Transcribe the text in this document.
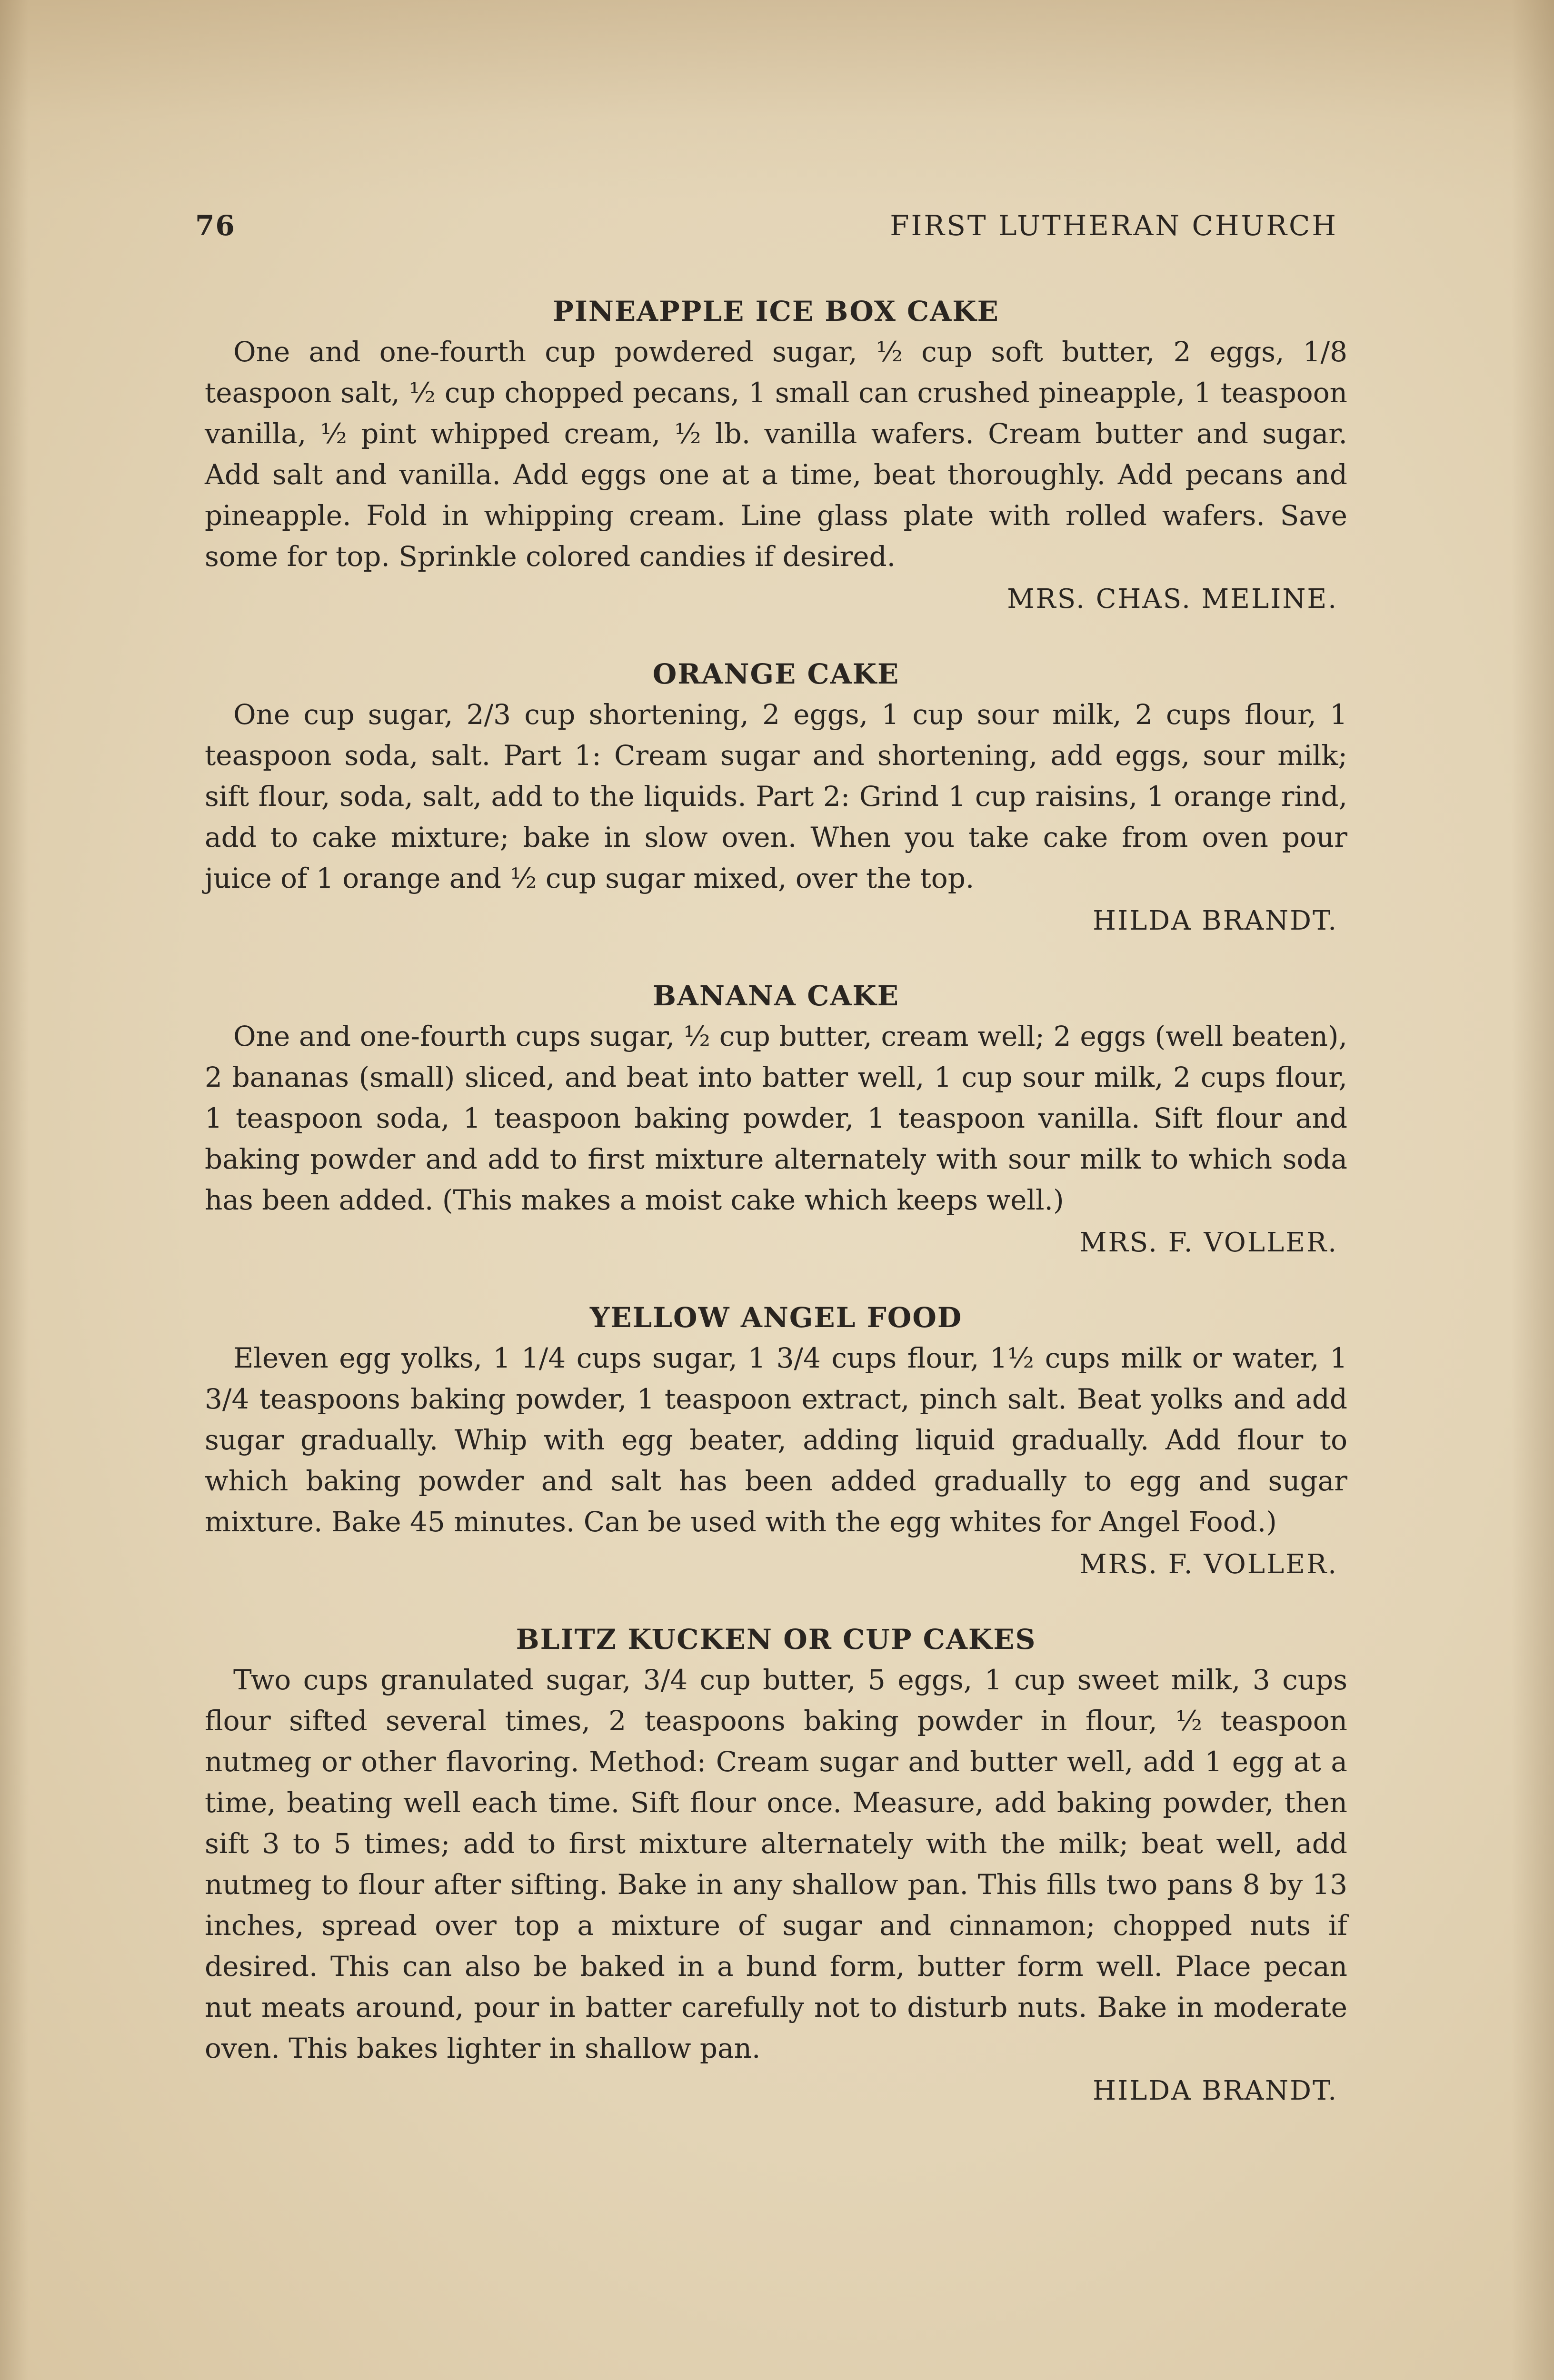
76	FIRST LUTHERAN CHURCH

PINEAPPLE ICE BOX CAKE

One and one-fourth cup powdered sugar, ½ cup soft butter, 2 eggs, 1/8 teaspoon salt, ½ cup chopped pecans, 1 small can crushed pineapple, 1 teaspoon vanilla, ½ pint whipped cream, ½ lb. vanilla wafers. Cream butter and sugar. Add salt and vanilla. Add eggs one at a time, beat thoroughly. Add pecans and pineapple. Fold in whipping cream. Line glass plate with rolled wafers. Save some for top. Sprinkle colored candies if desired.

MRS. CHAS. MELINE.

ORANGE CAKE

One cup sugar, 2/3 cup shortening, 2 eggs, 1 cup sour milk, 2 cups flour, 1 teaspoon soda, salt. Part 1: Cream sugar and shortening, add eggs, sour milk; sift flour, soda, salt, add to the liquids. Part 2: Grind 1 cup raisins, 1 orange rind, add to cake mixture; bake in slow oven. When you take cake from oven pour juice of 1 orange and ½ cup sugar mixed, over the top.

HILDA BRANDT.

BANANA CAKE

One and one-fourth cups sugar, ½ cup butter, cream well; 2 eggs (well beaten), 2 bananas (small) sliced, and beat into batter well, 1 cup sour milk, 2 cups flour, 1 teaspoon soda, 1 teaspoon baking powder, 1 teaspoon vanilla. Sift flour and baking powder and add to first mixture alternately with sour milk to which soda has been added. (This makes a moist cake which keeps well.)

MRS. F. VOLLER.

YELLOW ANGEL FOOD

Eleven egg yolks, 1 1/4 cups sugar, 1 3/4 cups flour, 1½ cups milk or water, 1 3/4 teaspoons baking powder, 1 teaspoon extract, pinch salt. Beat yolks and add sugar gradually. Whip with egg beater, adding liquid gradually. Add flour to which baking powder and salt has been added gradually to egg and sugar mixture. Bake 45 minutes. Can be used with the egg whites for Angel Food.)

MRS. F. VOLLER.

BLITZ KUCKEN OR CUP CAKES

Two cups granulated sugar, 3/4 cup butter, 5 eggs, 1 cup sweet milk, 3 cups flour sifted several times, 2 teaspoons baking powder in flour, ½ teaspoon nutmeg or other flavoring. Method: Cream sugar and butter well, add 1 egg at a time, beating well each time. Sift flour once. Measure, add baking powder, then sift 3 to 5 times; add to first mixture alternately with the milk; beat well, add nutmeg to flour after sifting. Bake in any shallow pan. This fills two pans 8 by 13 inches, spread over top a mixture of sugar and cinnamon; chopped nuts if desired. This can also be baked in a bund form, butter form well. Place pecan nut meats around, pour in batter carefully not to disturb nuts. Bake in moderate oven. This bakes lighter in shallow pan.

HILDA BRANDT.
